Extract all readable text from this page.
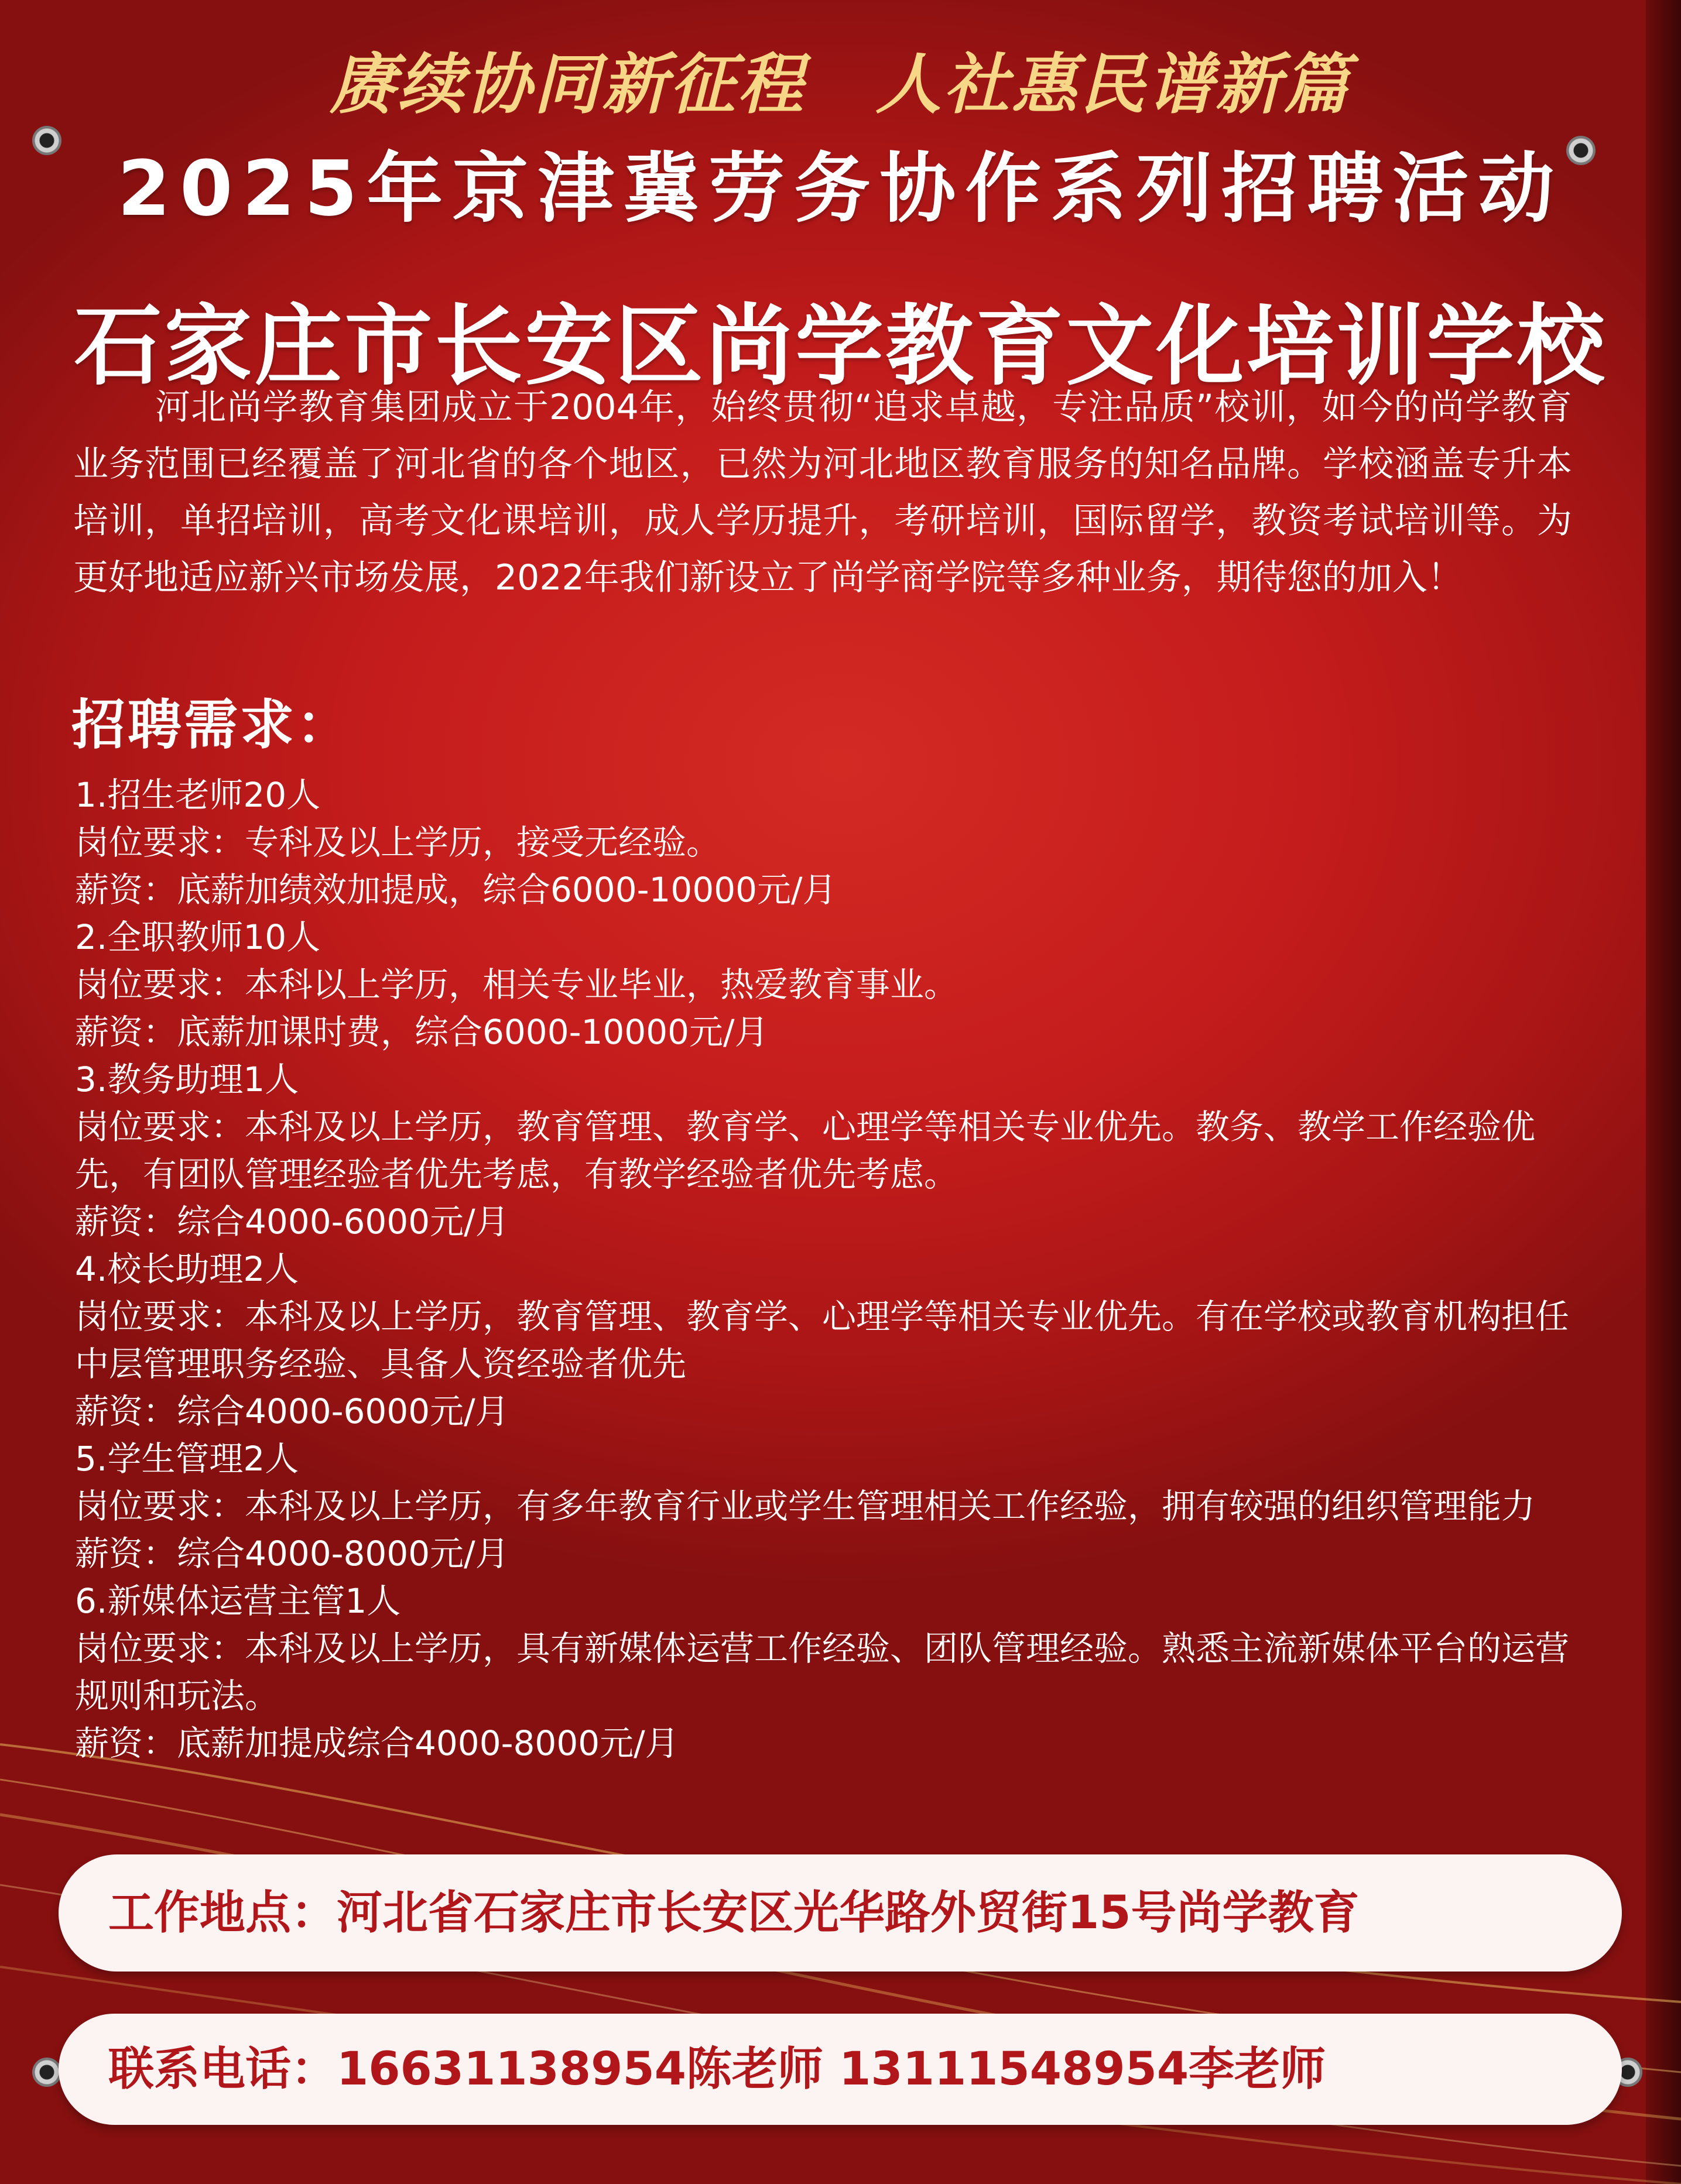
赓续协同新征程 人社惠民谱新篇
2025年京津冀劳务协作系列招聘活动
石家庄市长安区尚学教育文化培训学校
河北尚学教育集团成立于2004年，始终贯彻“追求卓越，专注品质”校训，如今的尚学教育业务范围已经覆盖了河北省的各个地区，已然为河北地区教育服务的知名品牌。学校涵盖专升本培训，单招培训，高考文化课培训，成人学历提升，考研培训，国际留学，教资考试培训等。为更好地适应新兴市场发展，2022年我们新设立了尚学商学院等多种业务，期待您的加入！
招聘需求：
1.招生老师20人
岗位要求：专科及以上学历，接受无经验。
薪资：底薪加绩效加提成，综合6000-10000元/月
2.全职教师10人
岗位要求：本科以上学历，相关专业毕业，热爱教育事业。
薪资：底薪加课时费，综合6000-10000元/月
3.教务助理1人
岗位要求：本科及以上学历，教育管理、教育学、心理学等相关专业优先。教务、教学工作经验优先，有团队管理经验者优先考虑，有教学经验者优先考虑。
薪资：综合4000-6000元/月
4.校长助理2人
岗位要求：本科及以上学历，教育管理、教育学、心理学等相关专业优先。有在学校或教育机构担任中层管理职务经验、具备人资经验者优先
薪资：综合4000-6000元/月
5.学生管理2人
岗位要求：本科及以上学历，有多年教育行业或学生管理相关工作经验，拥有较强的组织管理能力
薪资：综合4000-8000元/月
6.新媒体运营主管1人
岗位要求：本科及以上学历，具有新媒体运营工作经验、团队管理经验。熟悉主流新媒体平台的运营规则和玩法。
薪资：底薪加提成综合4000-8000元/月
工作地点：河北省石家庄市长安区光华路外贸街15号尚学教育
联系电话：16631138954陈老师 13111548954李老师
